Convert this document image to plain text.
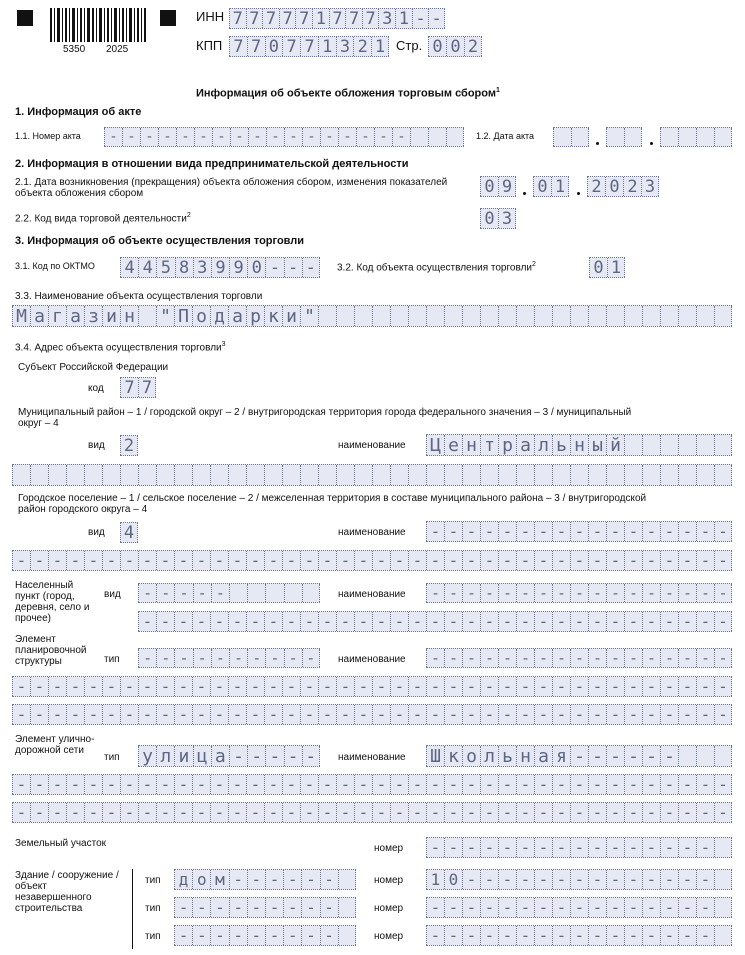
5350 2025
ИНН 7 7 7 7 7 1 7 7 7 3 1 - -
КПП 7 7 0 7 7 1 3 2 1 Стр. 0 0 2
Информация об объекте обложения торговым сбором$^1$
1. Информация об акте
1.1. Номер акта	- - - - - - - - - - - - - - - - -	1.2. Дата акта
2. Информация в отношении вида предпринимательской деятельности
2.1. Дата возникновения (прекращения) объекта обложения сбором, изменения показателей объекта обложения сбором	0 9 0 1 2 0 2 3
2.2. Код вида торговой деятельности$^2$	0 3
3. Информация об объекте осуществления торговли
3.1. Код по ОКТМО 4 4 5 8 3 9 9 0 - - -	3.2. Код объекта осуществления торговли$^2$	0 1
3.3. Наименование объекта осуществления торговли
М а г а з и н " П о д а р к и "
3.4. Адрес объекта осуществления торговли$^3$
Субъект Российской Федерации
код 7 7
Муниципальный район – 1 / городской округ – 2 / внутригородская территория города федерального значения – 3 / муниципальный округ – 4
вид 2	наименование Ц е н т р а л ь н ы й
Городское поселение – 1 / сельское поселение – 2 / межселенная территория в составе муниципального района – 3 / внутригородской район городского округа – 4
вид 4	наименование - - - - - - - - - - - - - - - - -
- - - - - - - - - - - - - - - - - - - - - - - - - - - - - - - - - - - - - - - -
Населенный пункт (город, деревня, село и прочее)
вид	- - - - -	наименование	- - - - - - - - - - - - - - - - -
- - - - - - - - - - - - - - - - - - - - - - - - - - - - - - - - -
Элемент планировочной структуры	тип	- - - - - - - - - -	наименование	- - - - - - - - - - - - - - - - -
- - - - - - - - - - - - - - - - - - - - - - - - - - - - - - - - - - - - - - - -
- - - - - - - - - - - - - - - - - - - - - - - - - - - - - - - - - - - - - - - -
Элемент улично-дорожной сети
тип у л и ц а - - - - -	наименование Ш к о л ь н а я - - - - - -
- - - - - - - - - - - - - - - - - - - - - - - - - - - - - - - - - - - - - - - -
- - - - - - - - - - - - - - - - - - - - - - - - - - - - - - - - - - - - - - - -
Земельный участок	номер - - - - - - - - - - - - - - - -
Здание / сооружение / объект незавершенного строительства
тип д о м - - - - - -	номер 1 0 - - - - - - - - - - - - - -
тип - - - - - - - - -	номер - - - - - - - - - - - - - - - -
тип - - - - - - - - -	номер - - - - - - - - - - - - - - - -
